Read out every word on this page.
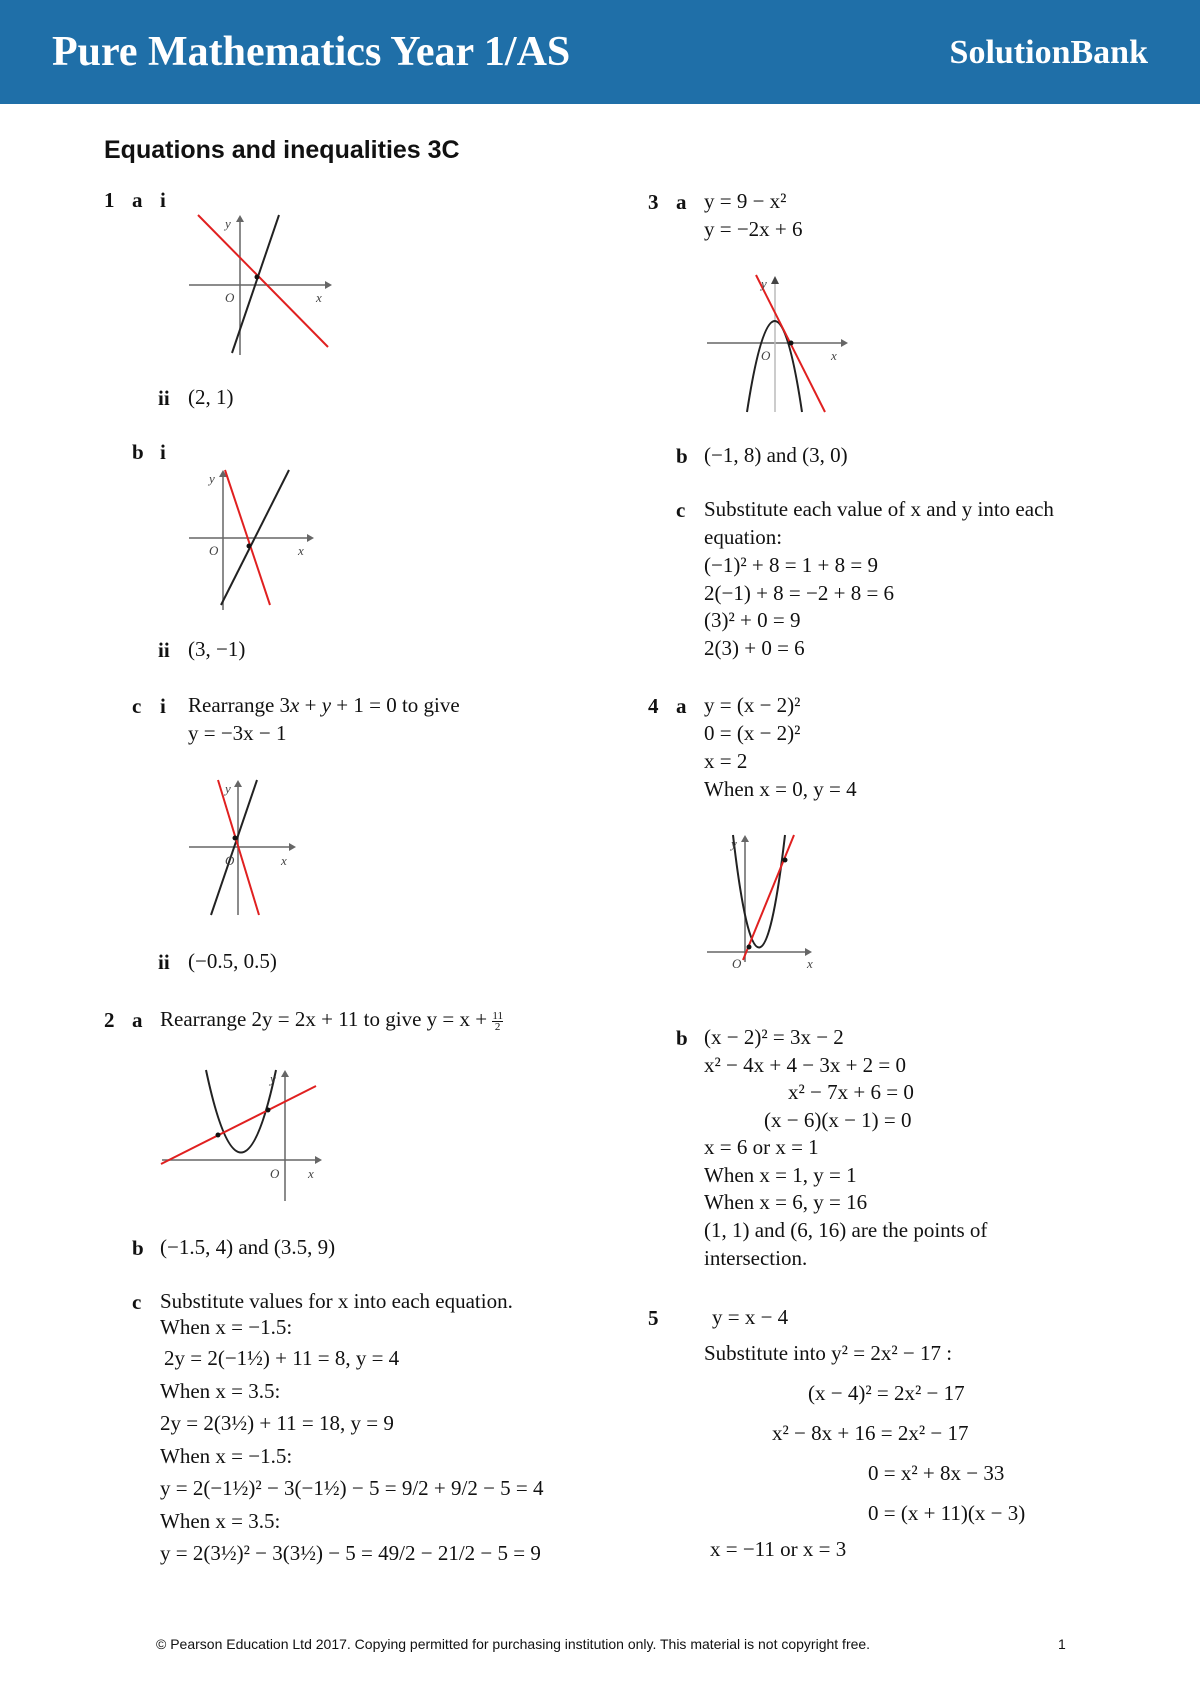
Pure Mathematics Year 1/AS	SolutionBank
Equations and inequalities 3C
1 a i
y
O	x
ii (2, 1)
b i
y
O	x
ii (3, −1)
c i Rearrange 3x + y + 1 = 0 to give
y = −3x − 1
y
O	x
ii (−0.5, 0.5)
2 a Rearrange 2y = 2x + 11 to give $y = x + \frac{11}{2}$
y
O x
b (−1.5, 4) and (3.5, 9)
c Substitute values for x into each equation.
When x = −1.5:
2y = 2(−1½) + 11 = 8, y = 4
When x = 3.5:
2y = 2(3½) + 11 = 18, y = 9
When x = −1.5:
y = 2(−1½)² − 3(−1½) − 5 = 9/2 + 9/2 − 5 = 4
When x = 3.5:
y = 2(3½)² − 3(3½) − 5 = 49/2 − 21/2 − 5 = 9
3 a y = 9 − x²
y = −2x + 6
y
O	x
b (−1, 8) and (3, 0)
c Substitute each value of x and y into each
equation:
(−1)² + 8 = 1 + 8 = 9
2(−1) + 8 = −2 + 8 = 6
(3)² + 0 = 9
2(3) + 0 = 6
4 a y = (x − 2)²
0 = (x − 2)²
x = 2
When x = 0, y = 4
y
O	x
b (x − 2)² = 3x − 2
x² − 4x + 4 − 3x + 2 = 0
x² − 7x + 6 = 0
(x − 6)(x − 1) = 0
x = 6 or x = 1
When x = 1, y = 1
When x = 6, y = 16
(1, 1) and (6, 16) are the points of
intersection.
5	y = x − 4
Substitute into y² = 2x² − 17 :
(x − 4)² = 2x² − 17
x² − 8x + 16 = 2x² − 17
0 = x² + 8x − 33
0 = (x + 11)(x − 3)
x = −11 or x = 3
© Pearson Education Ltd 2017. Copying permitted for purchasing institution only. This material is not copyright free.	1
